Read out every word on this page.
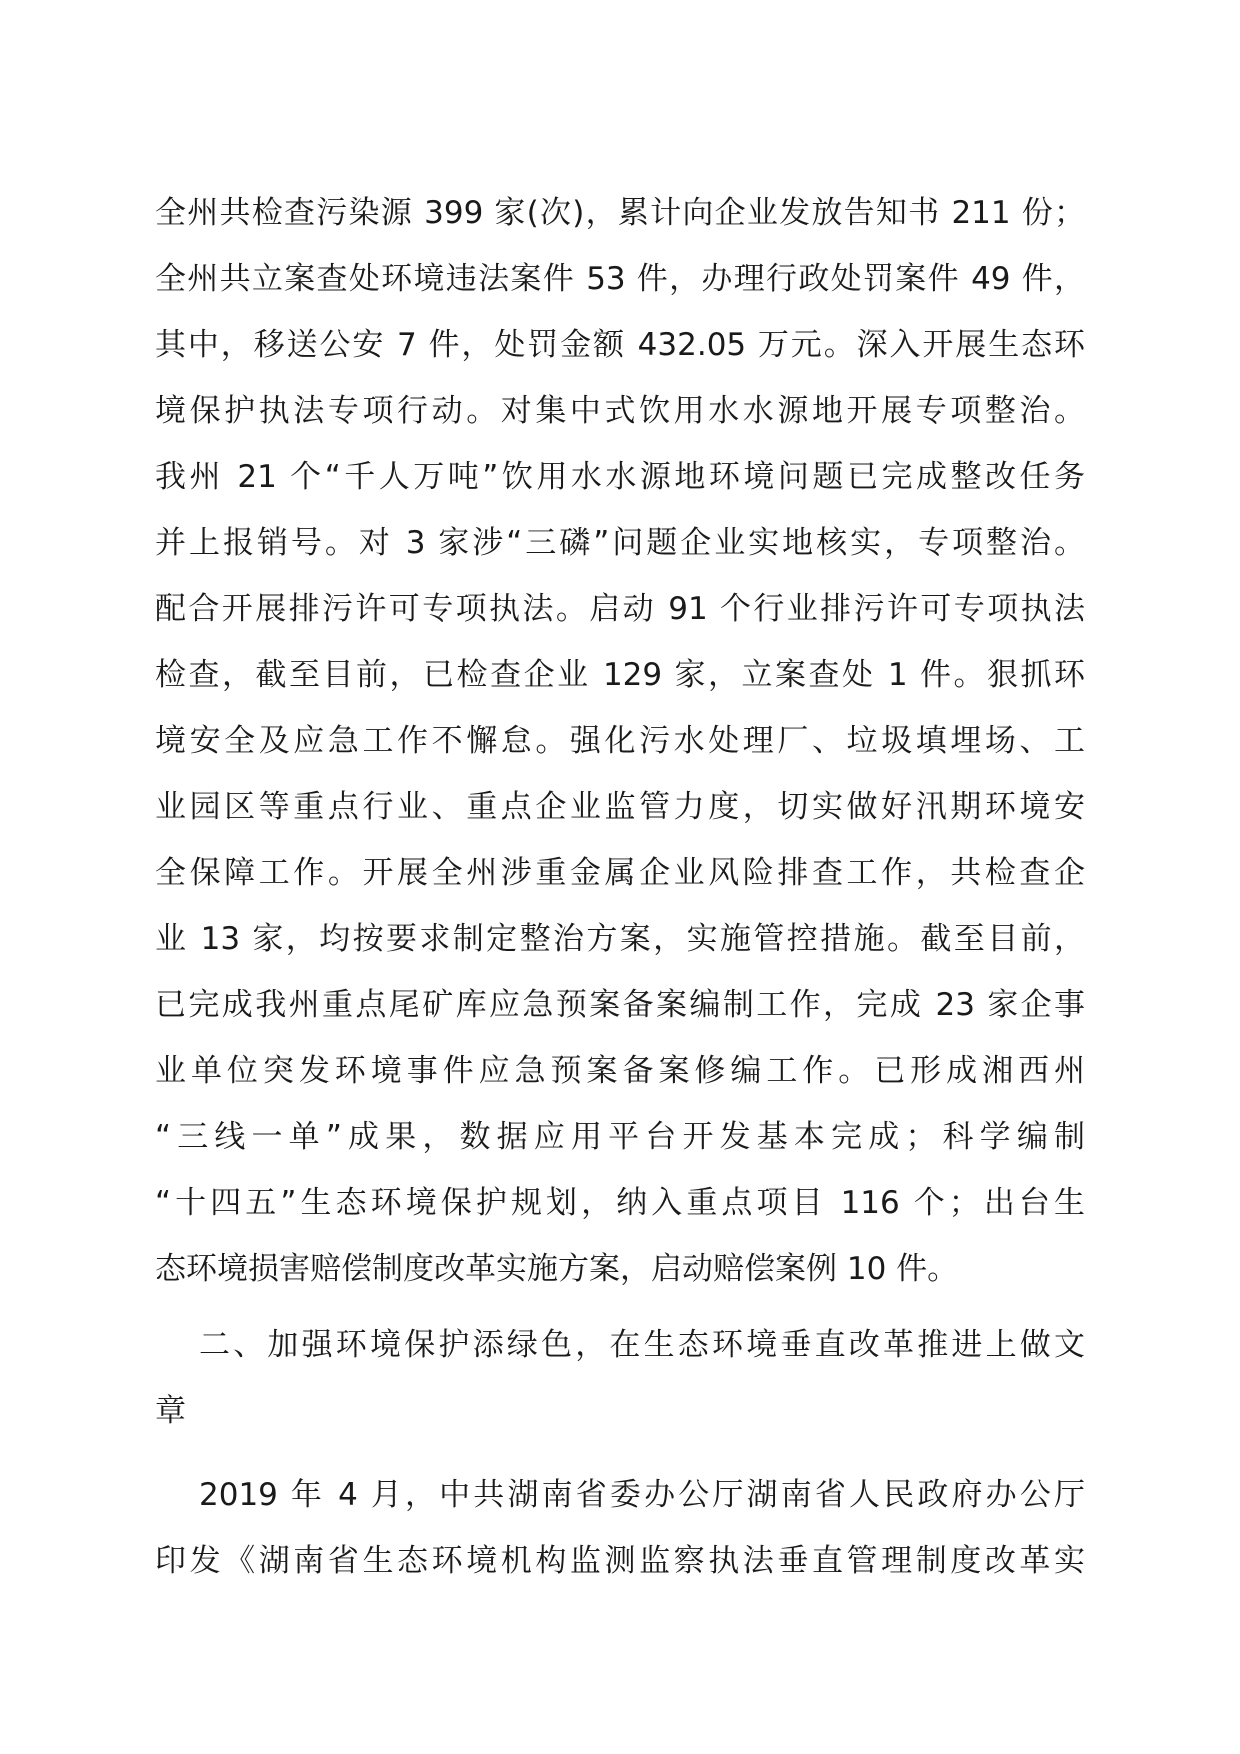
全州共检查污染源 399 家(次)，累计向企业发放告知书 211 份；
全州共立案查处环境违法案件 53 件，办理行政处罚案件 49 件，
其中，移送公安 7 件，处罚金额 432.05 万元。深入开展生态环
境保护执法专项行动。对集中式饮用水水源地开展专项整治。
我州 21 个“千人万吨”饮用水水源地环境问题已完成整改任务
并上报销号。对 3 家涉“三磷”问题企业实地核实，专项整治。
配合开展排污许可专项执法。启动 91 个行业排污许可专项执法
检查，截至目前，已检查企业 129 家，立案查处 1 件。狠抓环
境安全及应急工作不懈怠。强化污水处理厂、垃圾填埋场、工
业园区等重点行业、重点企业监管力度，切实做好汛期环境安
全保障工作。开展全州涉重金属企业风险排查工作，共检查企
业 13 家，均按要求制定整治方案，实施管控措施。截至目前，
已完成我州重点尾矿库应急预案备案编制工作，完成 23 家企事
业单位突发环境事件应急预案备案修编工作。已形成湘西州
“三线一单”成果，数据应用平台开发基本完成；科学编制
“十四五”生态环境保护规划，纳入重点项目 116 个；出台生
态环境损害赔偿制度改革实施方案，启动赔偿案例 10 件。
二、加强环境保护添绿色，在生态环境垂直改革推进上做文
章
2019 年 4 月，中共湖南省委办公厅湖南省人民政府办公厅
印发《湖南省生态环境机构监测监察执法垂直管理制度改革实
